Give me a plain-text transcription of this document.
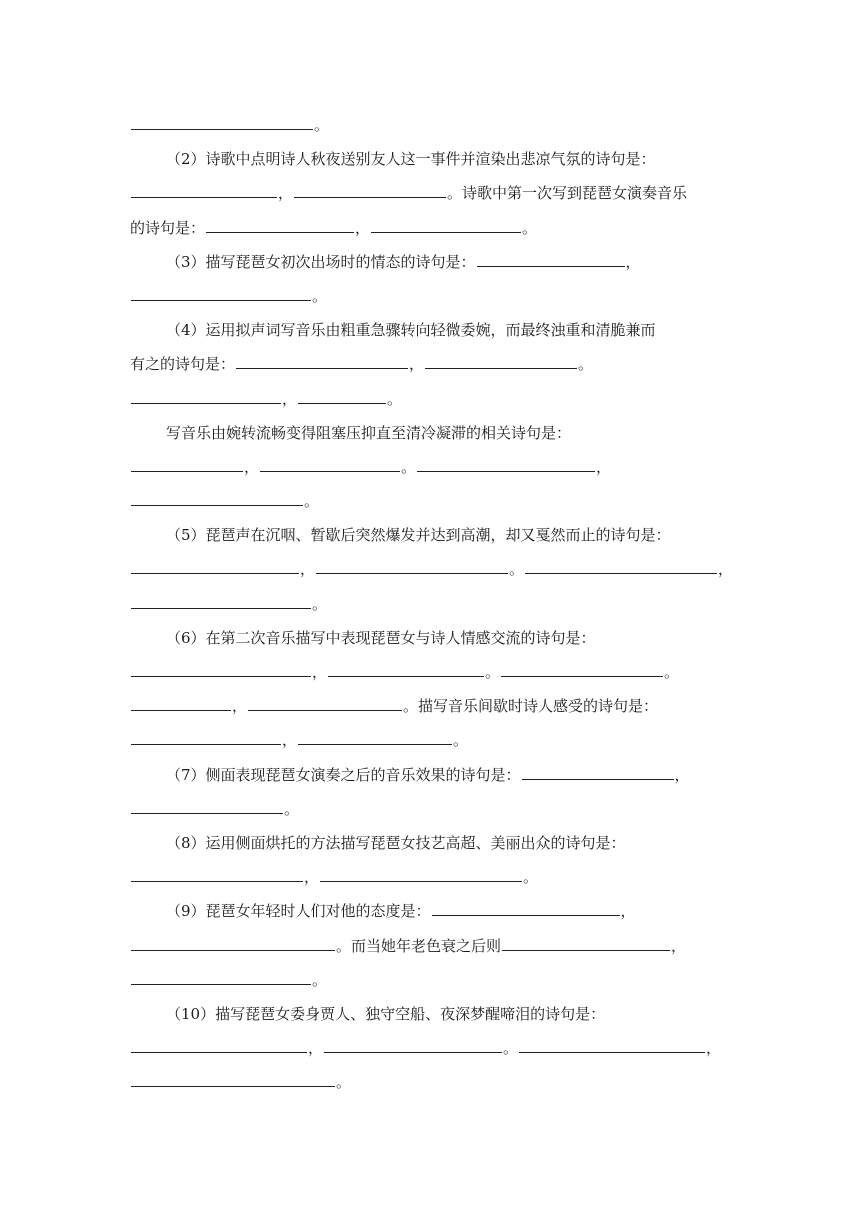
。
（2）诗歌中点明诗人秋夜送别友人这一事件并渲染出悲凉气氛的诗句是：
，	。诗歌中第一次写到琵琶女演奏音乐
的诗句是：	，	。
（3）描写琵琶女初次出场时的情态的诗句是：	，
。
（4）运用拟声词写音乐由粗重急骤转向轻微委婉，而最终浊重和清脆兼而
有之的诗句是：	，	。
，	。
写音乐由婉转流畅变得阻塞压抑直至清冷凝滞的相关诗句是：
，	。	，
。
（5）琵琶声在沉咽、暂歇后突然爆发并达到高潮，却又戛然而止的诗句是：
，	。	，
。
（6）在第二次音乐描写中表现琵琶女与诗人情感交流的诗句是：
，	。	。
，	。描写音乐间歇时诗人感受的诗句是：
，	。
（7）侧面表现琵琶女演奏之后的音乐效果的诗句是：	，
。
（8）运用侧面烘托的方法描写琵琶女技艺高超、美丽出众的诗句是：
，	。
（9）琵琶女年轻时人们对他的态度是：	，
。而当她年老色衰之后则	，
。
（10）描写琵琶女委身贾人、独守空船、夜深梦醒啼泪的诗句是：
，	。	，
。
